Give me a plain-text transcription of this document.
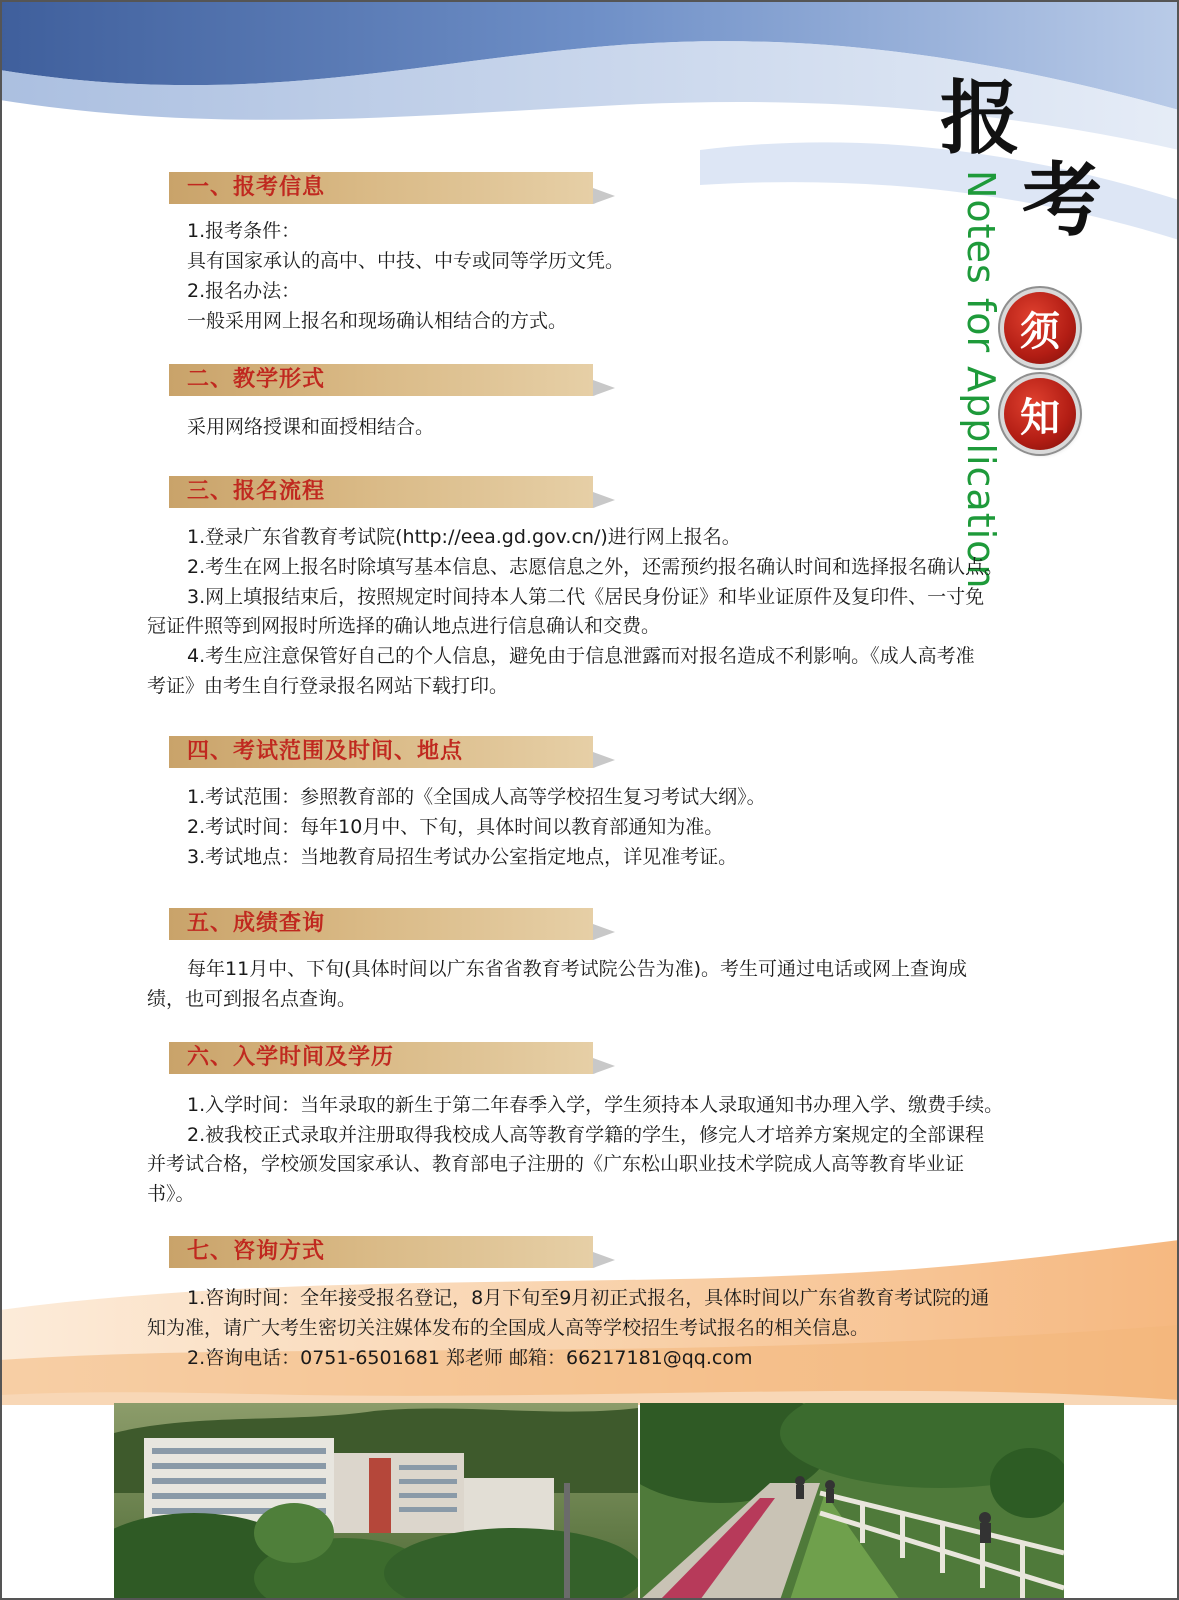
报
考
Notes for Application 须
知
一、报考信息
1.报考条件：
具有国家承认的高中、中技、中专或同等学历文凭。
2.报名办法：
一般采用网上报名和现场确认相结合的方式。
二、教学形式
采用网络授课和面授相结合。
三、报名流程
1.登录广东省教育考试院(http://eea.gd.gov.cn/)进行网上报名。
2.考生在网上报名时除填写基本信息、志愿信息之外，还需预约报名确认时间和选择报名确认点。
3.网上填报结束后，按照规定时间持本人第二代《居民身份证》和毕业证原件及复印件、一寸免
冠证件照等到网报时所选择的确认地点进行信息确认和交费。
4.考生应注意保管好自己的个人信息，避免由于信息泄露而对报名造成不利影响。《成人高考准
考证》由考生自行登录报名网站下载打印。
四、考试范围及时间、地点
1.考试范围：参照教育部的《全国成人高等学校招生复习考试大纲》。
2.考试时间：每年10月中、下旬，具体时间以教育部通知为准。
3.考试地点：当地教育局招生考试办公室指定地点，详见准考证。
五、成绩查询
每年11月中、下旬(具体时间以广东省省教育考试院公告为准)。考生可通过电话或网上查询成
绩，也可到报名点查询。
六、入学时间及学历
1.入学时间：当年录取的新生于第二年春季入学，学生须持本人录取通知书办理入学、缴费手续。
2.被我校正式录取并注册取得我校成人高等教育学籍的学生，修完人才培养方案规定的全部课程
并考试合格，学校颁发国家承认、教育部电子注册的《广东松山职业技术学院成人高等教育毕业证
书》。
七、咨询方式
1.咨询时间：全年接受报名登记，8月下旬至9月初正式报名，具体时间以广东省教育考试院的通
知为准，请广大考生密切关注媒体发布的全国成人高等学校招生考试报名的相关信息。
2.咨询电话：0751-6501681 郑老师 邮箱：66217181@qq.com
